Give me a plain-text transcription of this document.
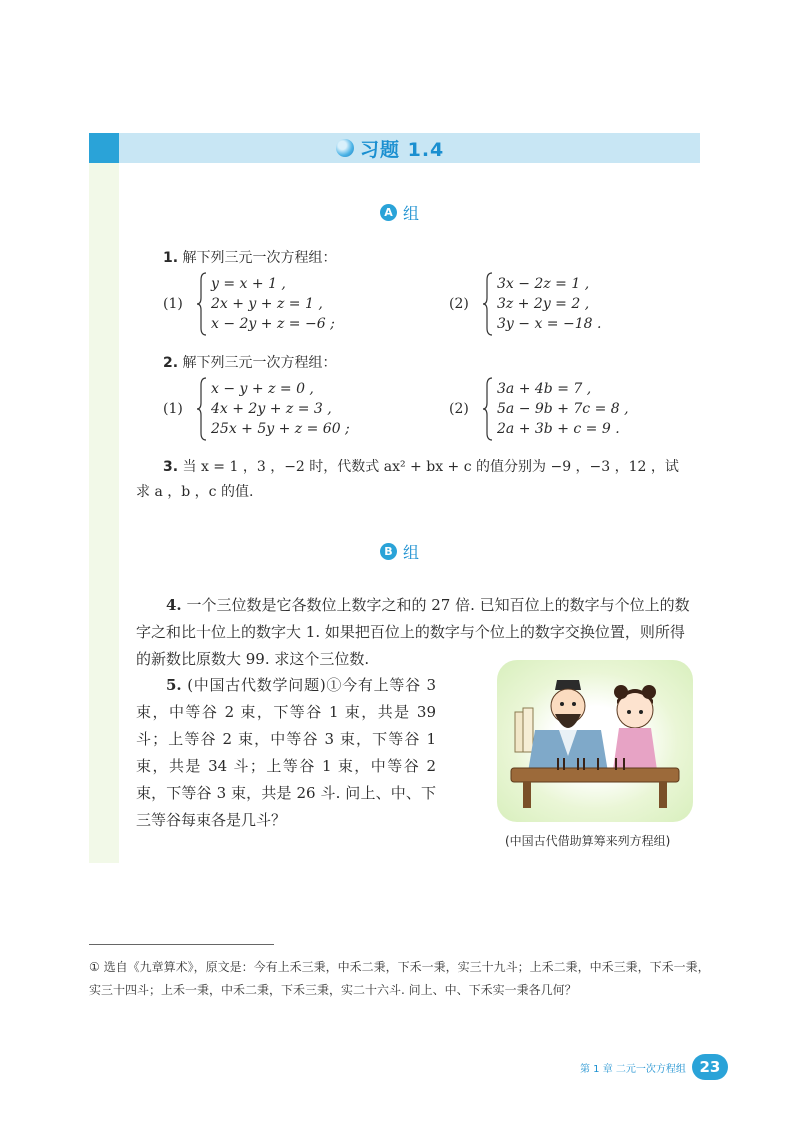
习题 1.4
A 组
1. 解下列三元一次方程组：
(1)
y = x + 1 ,
2x + y + z = 1 ,
x − 2y + z = −6 ;
(2)
3x − 2z = 1 ,
3z + 2y = 2 ,
3y − x = −18 .
2. 解下列三元一次方程组：
(1)
x − y + z = 0 ,
4x + 2y + z = 3 ,
25x + 5y + z = 60 ;
(2)
3a + 4b = 7 ,
5a − 9b + 7c = 8 ,
2a + 3b + c = 9 .
3. 当 x = 1 ，3 ，−2 时，代数式 ax² + bx + c 的值分别为 −9 ，−3 ，12 ，试
求 a ，b ，c 的值.
B 组
4. 一个三位数是它各数位上数字之和的 27 倍. 已知百位上的数字与个位上的数字之和比十位上的数字大 1. 如果把百位上的数字与个位上的数字交换位置，则所得的新数比原数大 99. 求这个三位数.
5. (中国古代数学问题)①今有上等谷 3 束，中等谷 2 束，下等谷 1 束，共是 39 斗；上等谷 2 束，中等谷 3 束，下等谷 1 束，共是 34 斗；上等谷 1 束，中等谷 2 束，下等谷 3 束，共是 26 斗. 问上、中、下三等谷每束各是几斗？
(中国古代借助算筹来列方程组)
① 选自《九章算术》，原文是：今有上禾三秉，中禾二秉，下禾一秉，实三十九斗；上禾二秉，中禾三秉，下禾一秉，实三十四斗；上禾一秉，中禾二秉，下禾三秉，实二十六斗. 问上、中、下禾实一秉各几何？
第 1 章 二元一次方程组 23
